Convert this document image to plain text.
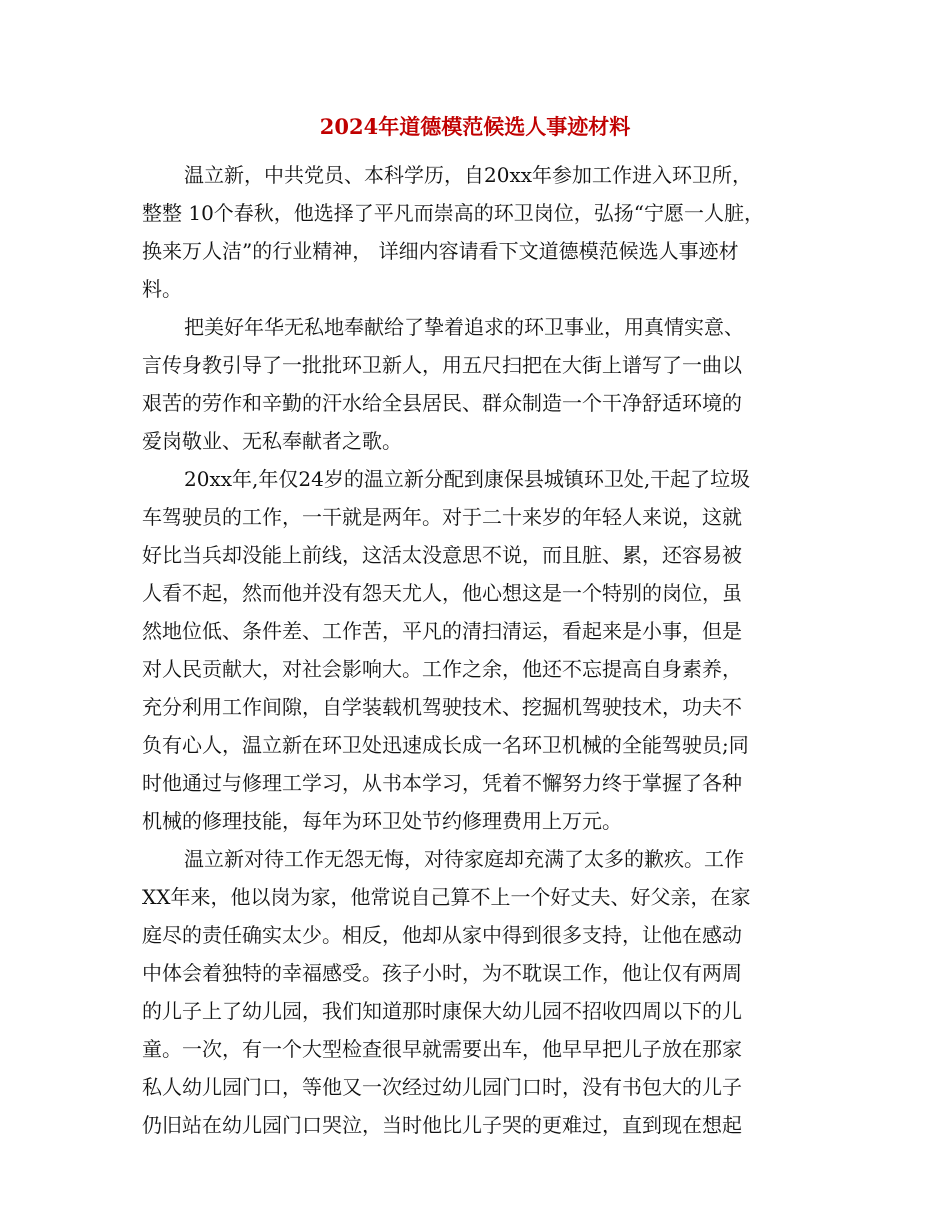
2024年道德模范候选人事迹材料
温立新，中共党员、本科学历，自20xx年参加工作进入环卫所，
整整 10个春秋，他选择了平凡而崇高的环卫岗位，弘扬“宁愿一人脏，
换来万人洁”的行业精神， 详细内容请看下文道德模范候选人事迹材
料。
把美好年华无私地奉献给了挚着追求的环卫事业，用真情实意、
言传身教引导了一批批环卫新人，用五尺扫把在大街上谱写了一曲以
艰苦的劳作和辛勤的汗水给全县居民、群众制造一个干净舒适环境的
爱岗敬业、无私奉献者之歌。
20xx年,年仅24岁的温立新分配到康保县城镇环卫处,干起了垃圾
车驾驶员的工作，一干就是两年。对于二十来岁的年轻人来说，这就
好比当兵却没能上前线，这活太没意思不说，而且脏、累，还容易被
人看不起，然而他并没有怨天尤人，他心想这是一个特别的岗位，虽
然地位低、条件差、工作苦，平凡的清扫清运，看起来是小事，但是
对人民贡献大，对社会影响大。工作之余，他还不忘提高自身素养，
充分利用工作间隙，自学装载机驾驶技术、挖掘机驾驶技术，功夫不
负有心人，温立新在环卫处迅速成长成一名环卫机械的全能驾驶员;同
时他通过与修理工学习，从书本学习，凭着不懈努力终于掌握了各种
机械的修理技能，每年为环卫处节约修理费用上万元。
温立新对待工作无怨无悔，对待家庭却充满了太多的歉疚。工作
XX年来，他以岗为家，他常说自己算不上一个好丈夫、好父亲，在家
庭尽的责任确实太少。相反，他却从家中得到很多支持，让他在感动
中体会着独特的幸福感受。孩子小时，为不耽误工作，他让仅有两周
的儿子上了幼儿园，我们知道那时康保大幼儿园不招收四周以下的儿
童。一次，有一个大型检查很早就需要出车，他早早把儿子放在那家
私人幼儿园门口，等他又一次经过幼儿园门口时，没有书包大的儿子
仍旧站在幼儿园门口哭泣，当时他比儿子哭的更难过，直到现在想起
